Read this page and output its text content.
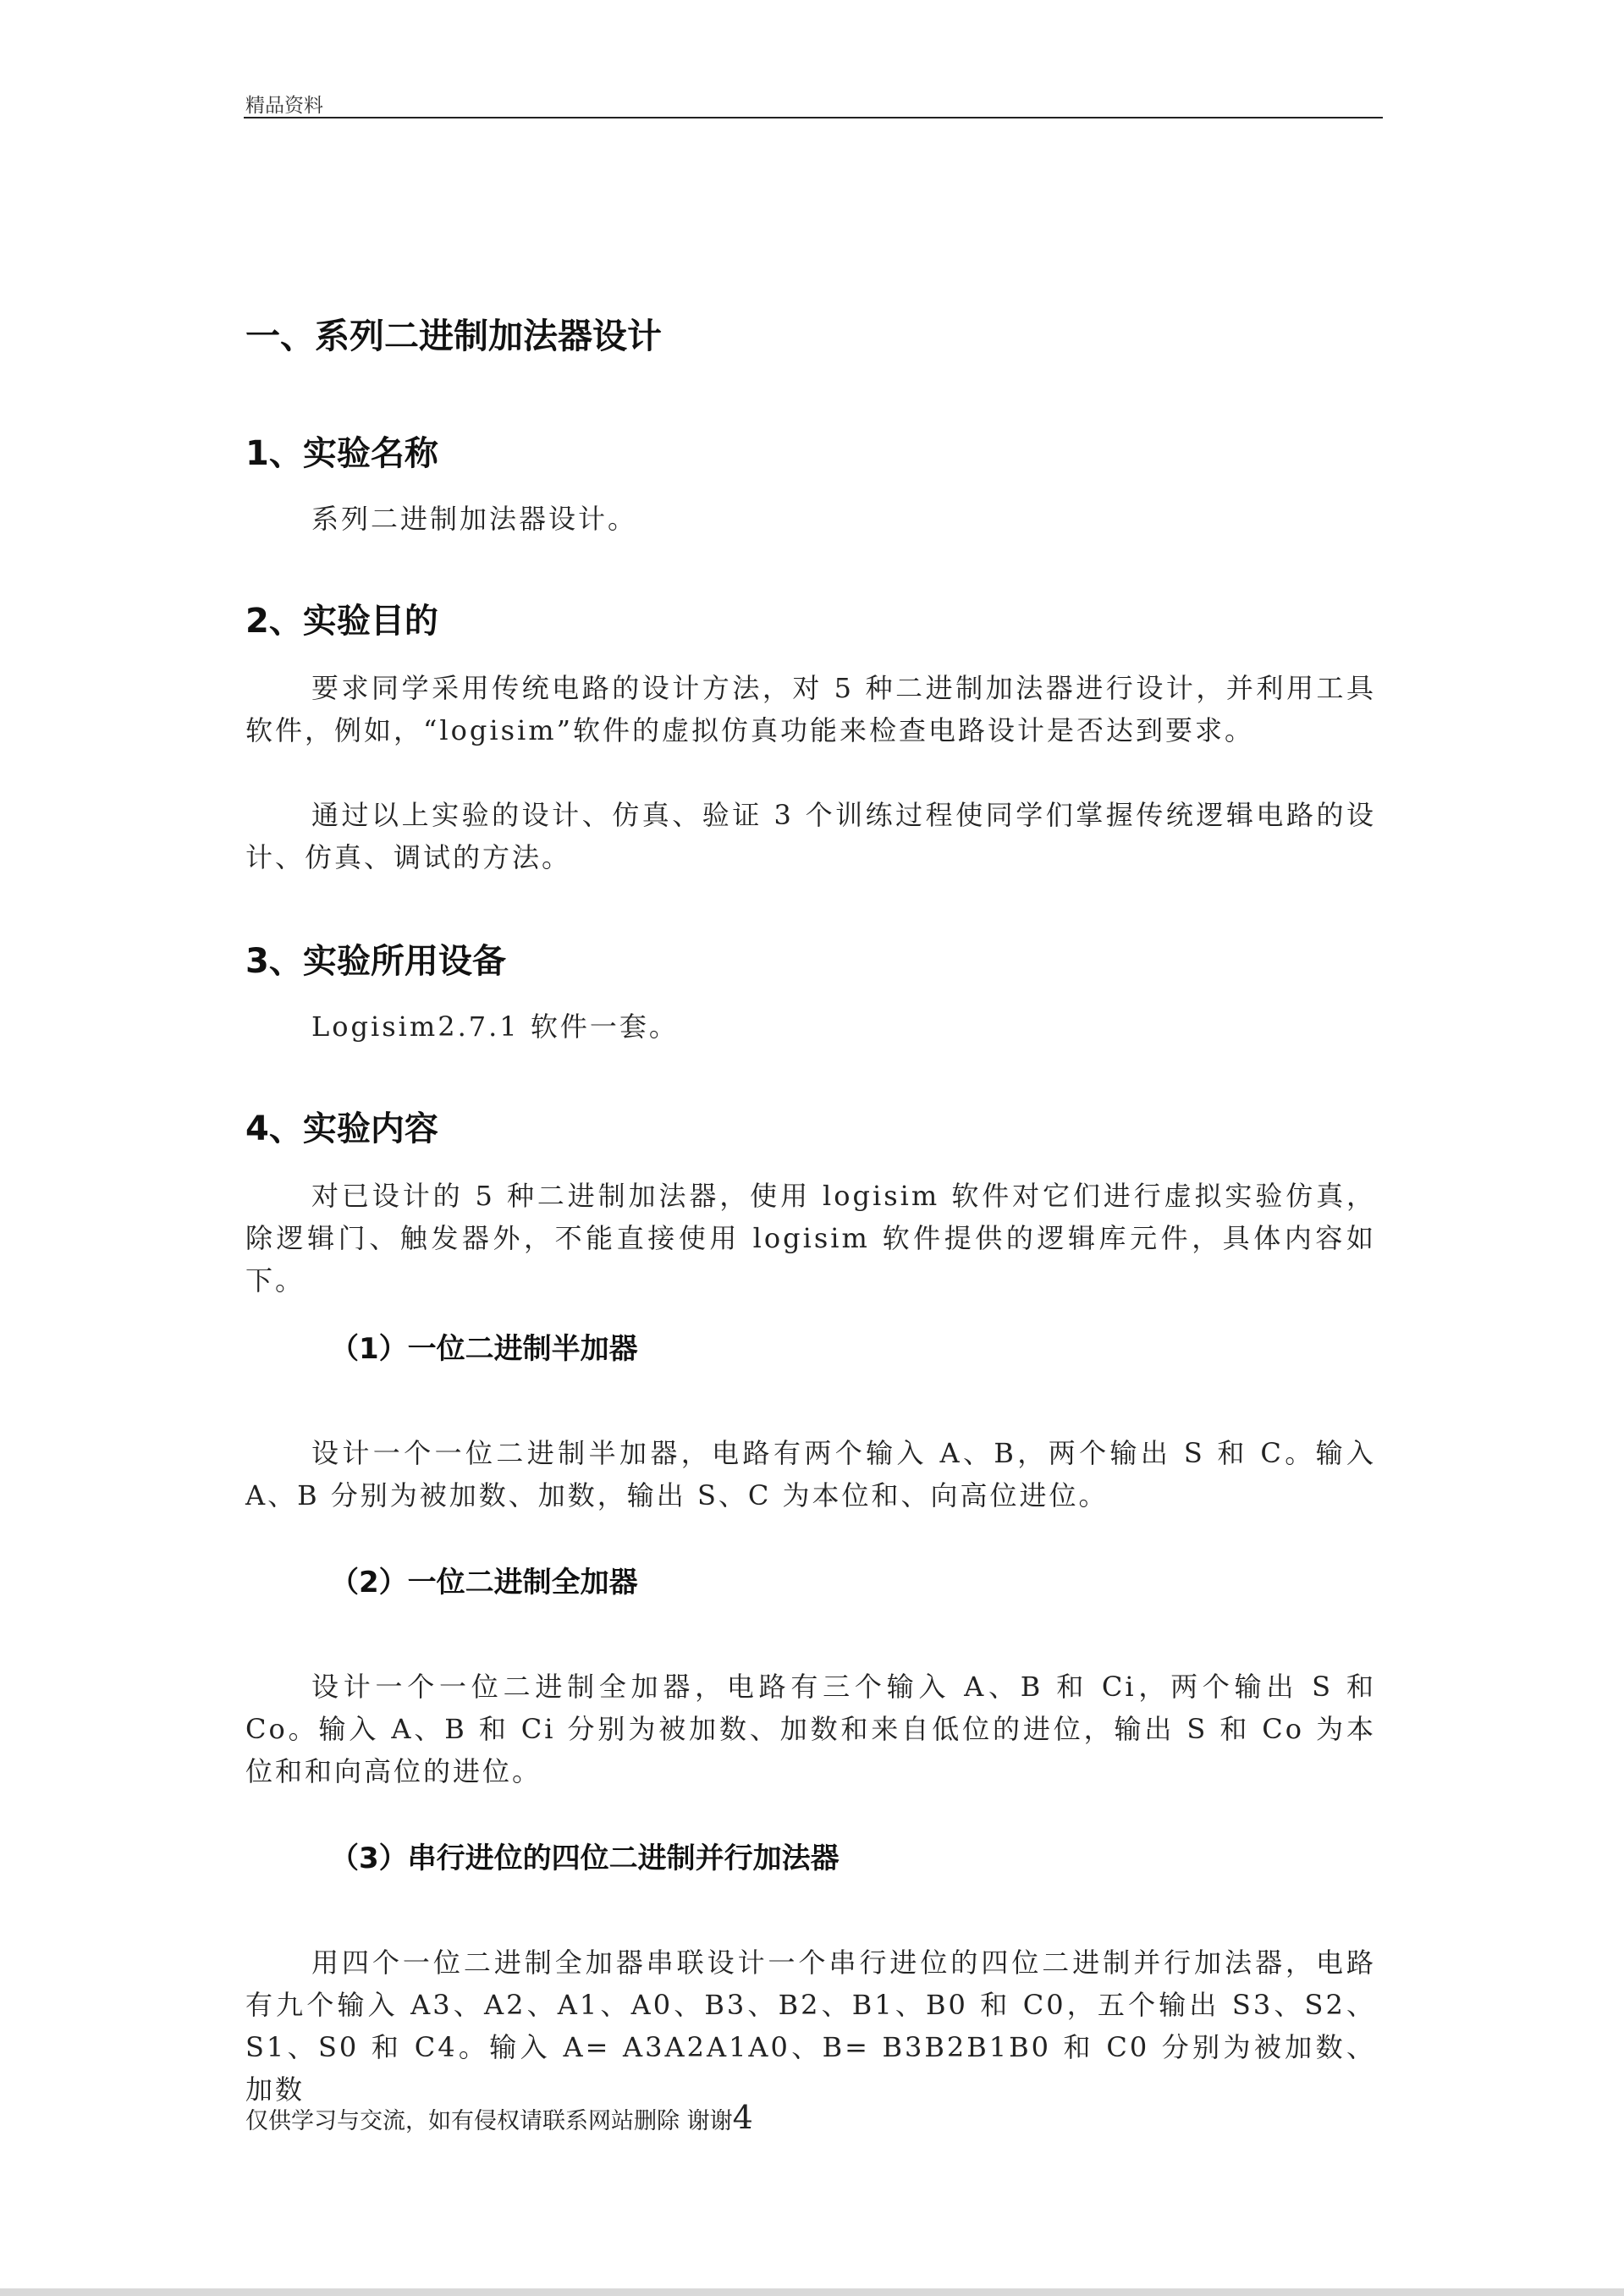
精品资料
一、系列二进制加法器设计
1、实验名称

系列二进制加法器设计。

2、实验目的

要求同学采用传统电路的设计方法，对 5 种二进制加法器进行设计，并利用工具软件，例如，“logisim”软件的虚拟仿真功能来检查电路设计是否达到要求。

通过以上实验的设计、仿真、验证 3 个训练过程使同学们掌握传统逻辑电路的设计、仿真、调试的方法。

3、实验所用设备

Logisim2.7.1 软件一套。

4、实验内容

对已设计的 5 种二进制加法器，使用 logisim 软件对它们进行虚拟实验仿真，除逻辑门、触发器外，不能直接使用 logisim 软件提供的逻辑库元件，具体内容如下。

（1）一位二进制半加器

设计一个一位二进制半加器，电路有两个输入 A、B，两个输出 S 和 C。输入 A、B 分别为被加数、加数，输出 S、C 为本位和、向高位进位。

（2）一位二进制全加器

设计一个一位二进制全加器，电路有三个输入 A、B 和 Ci，两个输出 S 和 Co。输入 A、B 和 Ci 分别为被加数、加数和来自低位的进位，输出 S 和 Co 为本位和和向高位的进位。

（3）串行进位的四位二进制并行加法器

用四个一位二进制全加器串联设计一个串行进位的四位二进制并行加法器，电路有九个输入 A3、A2、A1、A0、B3、B2、B1、B0 和 C0，五个输出 S3、S2、S1、S0 和 C4。输入 A= A3A2A1A0、B= B3B2B1B0 和 C0 分别为被加数、加数

仅供学习与交流，如有侵权请联系网站删除 谢谢4
